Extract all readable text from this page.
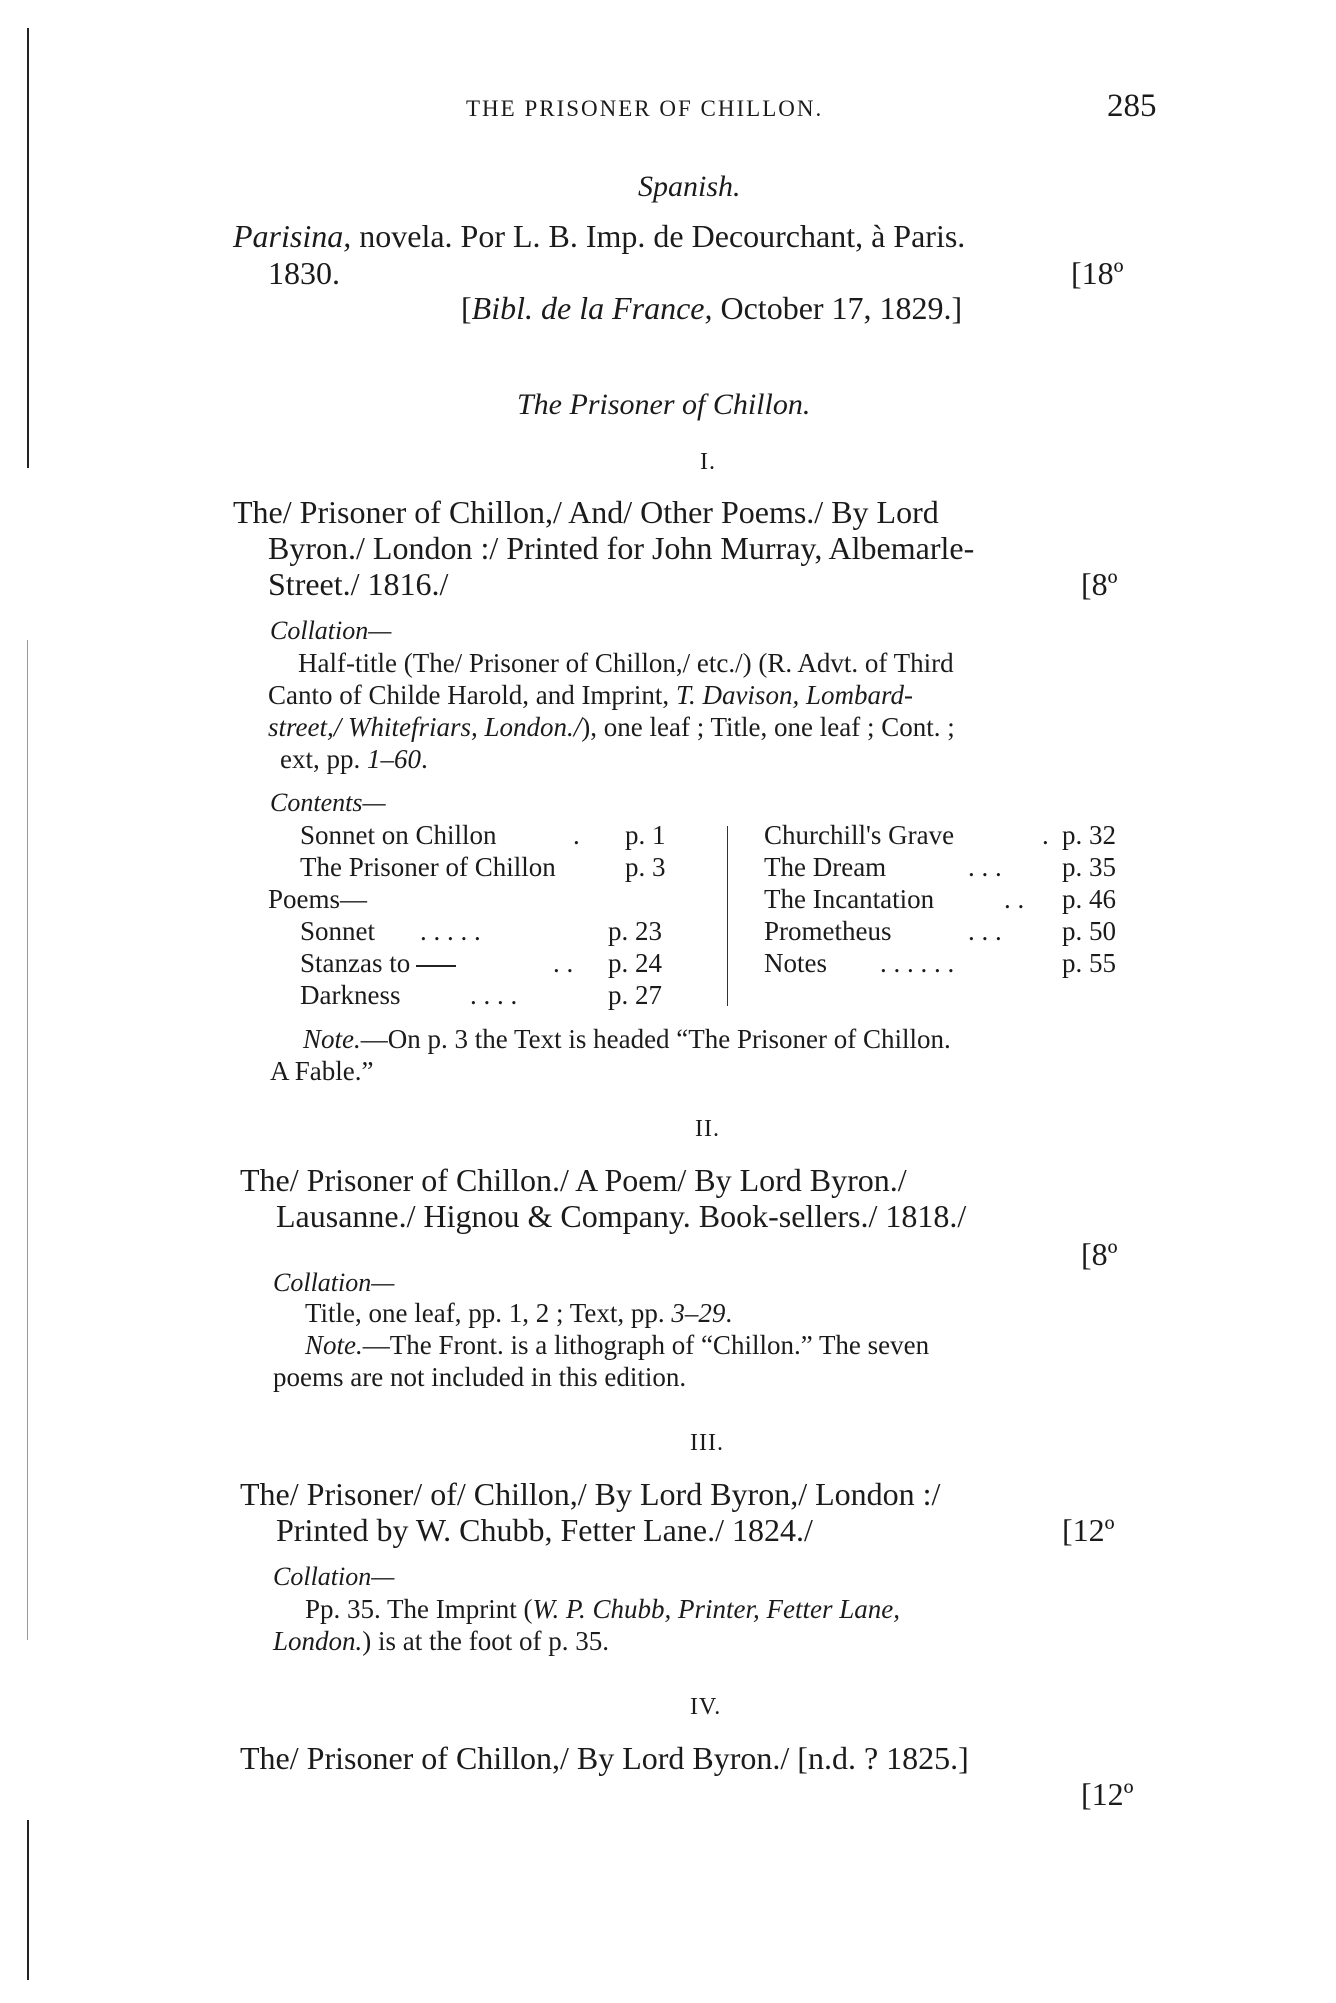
THE PRISONER OF CHILLON.	285
Spanish.
Parisina, novela. Por L. B. Imp. de Decourchant, à Paris.
1830.	[18º
[Bibl. de la France, October 17, 1829.]
The Prisoner of Chillon.
I.
The/ Prisoner of Chillon,/ And/ Other Poems./ By Lord
Byron./ London :/ Printed for John Murray, Albemarle-
Street./ 1816./	[8º
Collation—
Half-title (The/ Prisoner of Chillon,/ etc./) (R. Advt. of Third
Canto of Childe Harold, and Imprint, T. Davison, Lombard-
street,/ Whitefriars, London./), one leaf ; Title, one leaf ; Cont. ;
ext, pp. 1–60.
Contents—
Sonnet on Chillon	. p. 1
The Prisoner of Chillon	p. 3
Poems—
Sonnet . . . . .	p. 23
Stanzas to	. . p. 24
Darkness	. . . .	p. 27
Churchill's Grave	. p. 32
The Dream	. . . p. 35
The Incantation	. . p. 46
Prometheus	. . . p. 50
Notes . . . . . .	p. 55
Note.—On p. 3 the Text is headed “The Prisoner of Chillon.
A Fable.”
II.
The/ Prisoner of Chillon./ A Poem/ By Lord Byron./
Lausanne./ Hignou & Company. Book-sellers./ 1818./
[8º
Collation—
Title, one leaf, pp. 1, 2 ; Text, pp. 3–29.
Note.—The Front. is a lithograph of “Chillon.” The seven
poems are not included in this edition.
III.
The/ Prisoner/ of/ Chillon,/ By Lord Byron,/ London :/
Printed by W. Chubb, Fetter Lane./ 1824./	[12º
Collation—
Pp. 35. The Imprint (W. P. Chubb, Printer, Fetter Lane,
London.) is at the foot of p. 35.
IV.
The/ Prisoner of Chillon,/ By Lord Byron./ [n.d. ? 1825.]
[12º
